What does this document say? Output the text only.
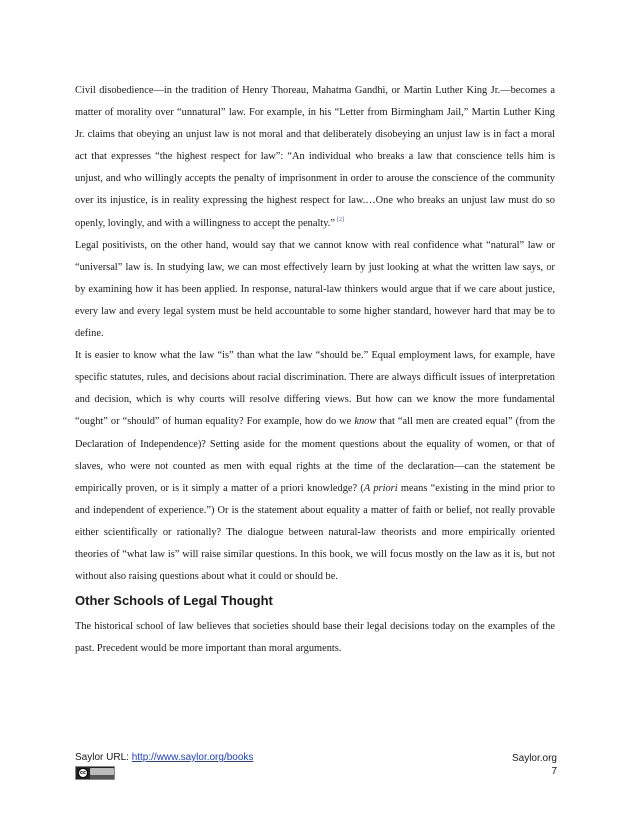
Civil disobedience—in the tradition of Henry Thoreau, Mahatma Gandhi, or Martin Luther King Jr.—becomes a matter of morality over “unnatural” law. For example, in his “Letter from Birmingham Jail,” Martin Luther King Jr. claims that obeying an unjust law is not moral and that deliberately disobeying an unjust law is in fact a moral act that expresses “the highest respect for law”: “An individual who breaks a law that conscience tells him is unjust, and who willingly accepts the penalty of imprisonment in order to arouse the conscience of the community over its injustice, is in reality expressing the highest respect for law.…One who breaks an unjust law must do so openly, lovingly, and with a willingness to accept the penalty.” [2]

Legal positivists, on the other hand, would say that we cannot know with real confidence what “natural” law or “universal” law is. In studying law, we can most effectively learn by just looking at what the written law says, or by examining how it has been applied. In response, natural-law thinkers would argue that if we care about justice, every law and every legal system must be held accountable to some higher standard, however hard that may be to define.

It is easier to know what the law “is” than what the law “should be.” Equal employment laws, for example, have specific statutes, rules, and decisions about racial discrimination. There are always difficult issues of interpretation and decision, which is why courts will resolve differing views. But how can we know the more fundamental “ought” or “should” of human equality? For example, how do we know that “all men are created equal” (from the Declaration of Independence)? Setting aside for the moment questions about the equality of women, or that of slaves, who were not counted as men with equal rights at the time of the declaration—can the statement be empirically proven, or is it simply a matter of a priori knowledge? (A priori means “existing in the mind prior to and independent of experience.”) Or is the statement about equality a matter of faith or belief, not really provable either scientifically or rationally? The dialogue between natural-law theorists and more empirically oriented theories of “what law is” will raise similar questions. In this book, we will focus mostly on the law as it is, but not without also raising questions about what it could or should be.

Other Schools of Legal Thought

The historical school of law believes that societies should base their legal decisions today on the examples of the past. Precedent would be more important than moral arguments.

Saylor URL: http://www.saylor.org/books
cc
Saylor.org
7
